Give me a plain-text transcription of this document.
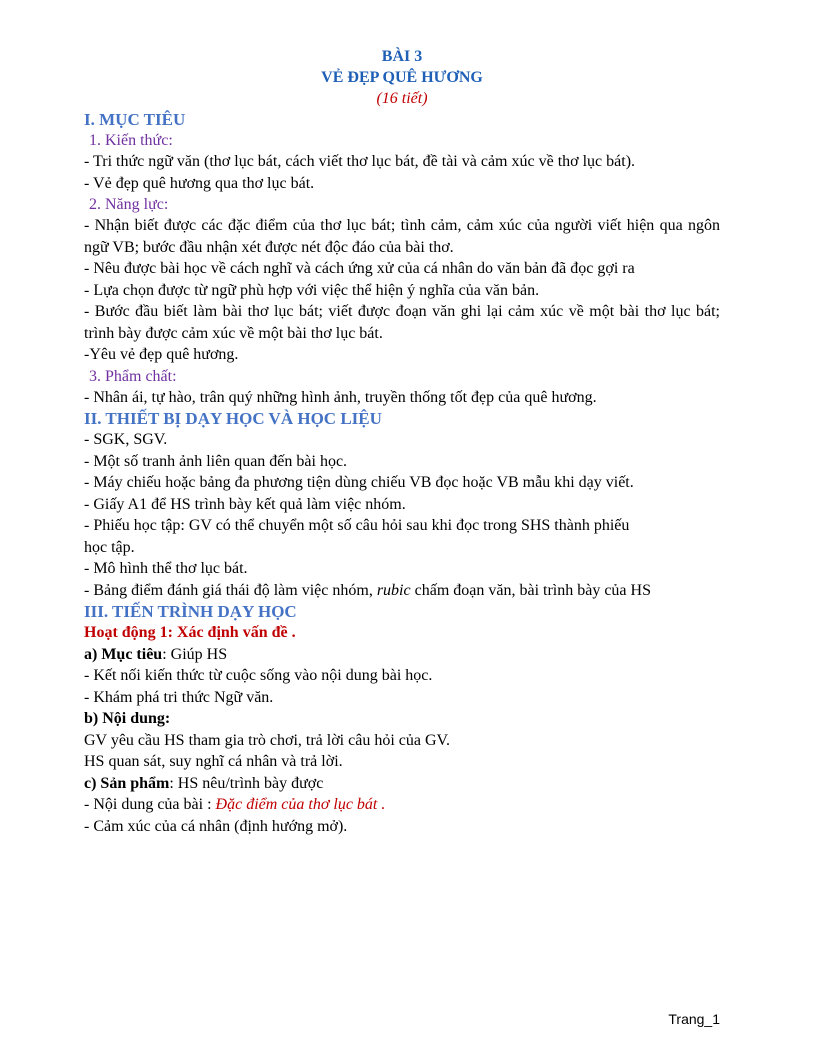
BÀI 3
VẺ ĐẸP QUÊ HƯƠNG
(16 tiết)

I. MỤC TIÊU

1. Kiến thức:

- Tri thức ngữ văn (thơ lục bát, cách viết thơ lục bát, đề tài và cảm xúc về thơ lục bát).

- Vẻ đẹp quê hương qua thơ lục bát.

2. Năng lực:

- Nhận biết được các đặc điểm của thơ lục bát; tình cảm, cảm xúc của người viết hiện qua ngôn ngữ VB; bước đầu nhận xét được nét độc đáo của bài thơ.

- Nêu được bài học về cách nghĩ và cách ứng xử của cá nhân do văn bản đã đọc gợi ra

- Lựa chọn được từ ngữ phù hợp với việc thể hiện ý nghĩa của văn bản.

- Bước đầu biết làm bài thơ lục bát; viết được đoạn văn ghi lại cảm xúc về một bài thơ lục bát; trình bày được cảm xúc về một bài thơ lục bát.

-Yêu vẻ đẹp quê hương.

3. Phẩm chất:

- Nhân ái, tự hào, trân quý những hình ảnh, truyền thống tốt đẹp của quê hương.

II. THIẾT BỊ DẠY HỌC VÀ HỌC LIỆU

- SGK, SGV.

- Một số tranh ảnh liên quan đến bài học.

- Máy chiếu hoặc bảng đa phương tiện dùng chiếu VB đọc hoặc VB mẫu khi dạy viết.

- Giấy A1 để HS trình bày kết quả làm việc nhóm.

- Phiếu học tập: GV có thể chuyển một số câu hỏi sau khi đọc trong SHS thành phiếu

học tập.

- Mô hình thể thơ lục bát.

- Bảng điểm đánh giá thái độ làm việc nhóm, rubic chấm đoạn văn, bài trình bày của HS

III. TIẾN TRÌNH DẠY HỌC

Hoạt động 1: Xác định vấn đề .

a) Mục tiêu: Giúp HS

- Kết nối kiến thức từ cuộc sống vào nội dung bài học.

- Khám phá tri thức Ngữ văn.

b) Nội dung:

GV yêu cầu HS tham gia trò chơi, trả lời câu hỏi của GV.

HS quan sát, suy nghĩ cá nhân và trả lời.

c) Sản phẩm: HS nêu/trình bày được

- Nội dung của bài : Đặc điểm của thơ lục bát .

- Cảm xúc của cá nhân (định hướng mở).

Trang_1
